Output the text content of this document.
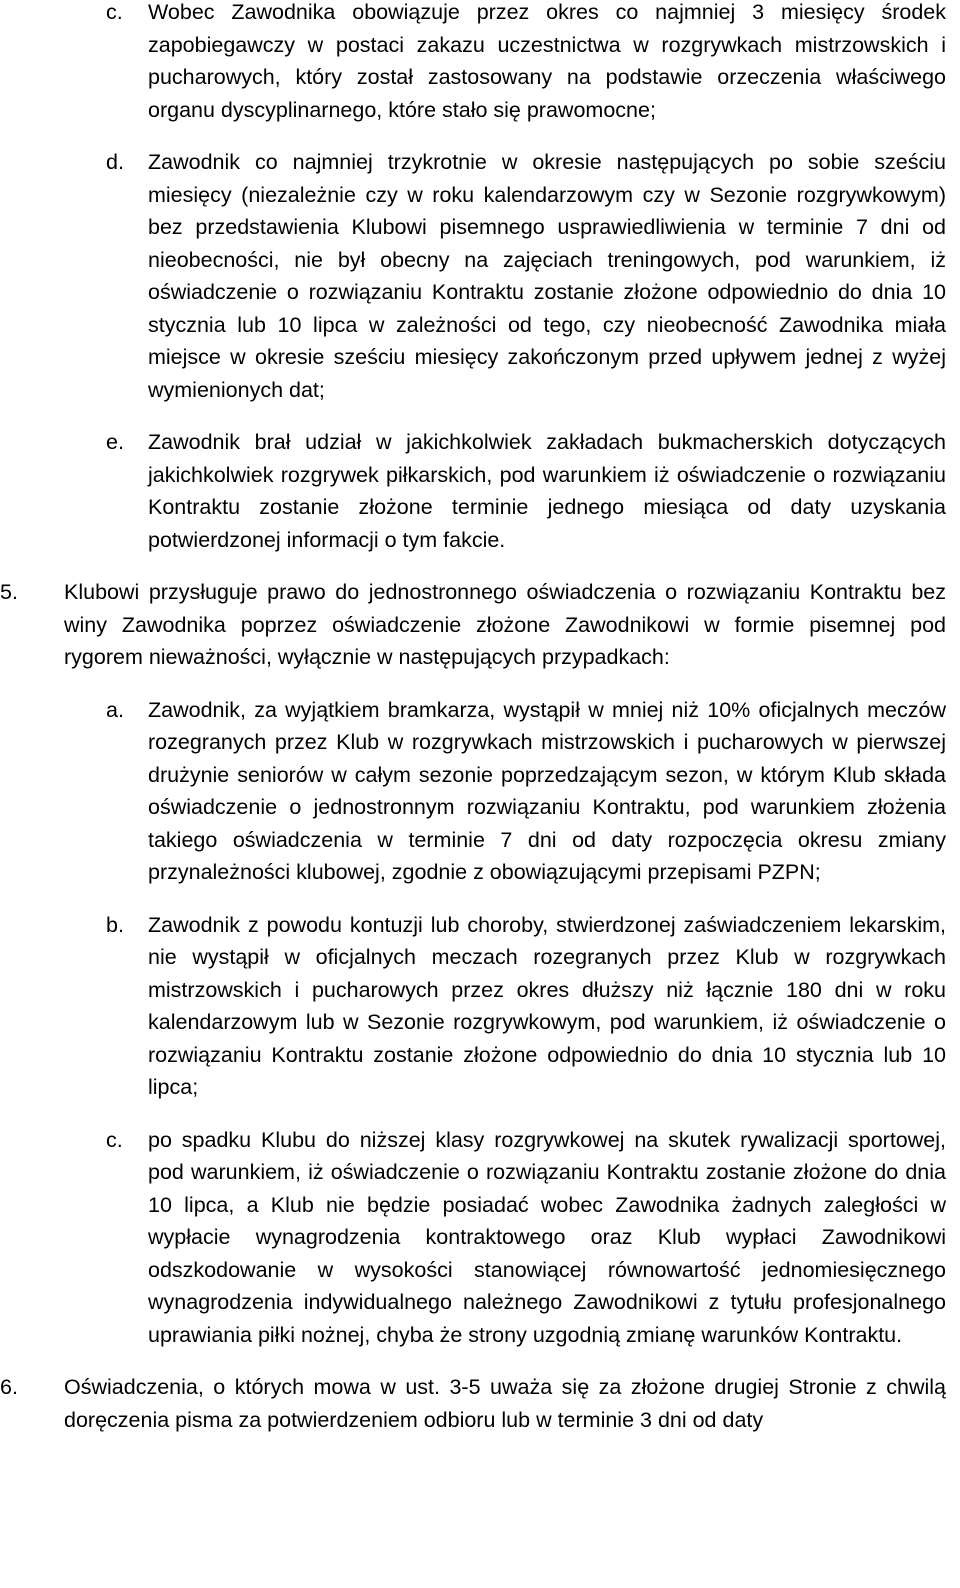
c.	Wobec Zawodnika obowiązuje przez okres co najmniej 3 miesięcy środek zapobiegawczy w postaci zakazu uczestnictwa w rozgrywkach mistrzowskich i pucharowych, który został zastosowany na podstawie orzeczenia właściwego organu dyscyplinarnego, które stało się prawomocne;
d.	Zawodnik co najmniej trzykrotnie w okresie następujących po sobie sześciu miesięcy (niezależnie czy w roku kalendarzowym czy w Sezonie rozgrywkowym) bez przedstawienia Klubowi pisemnego usprawiedliwienia w terminie 7 dni od nieobecności, nie był obecny na zajęciach treningowych, pod warunkiem, iż oświadczenie o rozwiązaniu Kontraktu zostanie złożone odpowiednio do dnia 10 stycznia lub 10 lipca w zależności od tego, czy nieobecność Zawodnika miała miejsce w okresie sześciu miesięcy zakończonym przed upływem jednej z wyżej wymienionych dat;
e.	Zawodnik brał udział w jakichkolwiek zakładach bukmacherskich dotyczących jakichkolwiek rozgrywek piłkarskich, pod warunkiem iż oświadczenie o rozwiązaniu Kontraktu zostanie złożone terminie jednego miesiąca od daty uzyskania potwierdzonej informacji o tym fakcie.
5.	Klubowi przysługuje prawo do jednostronnego oświadczenia o rozwiązaniu Kontraktu bez winy Zawodnika poprzez oświadczenie złożone Zawodnikowi w formie pisemnej pod rygorem nieważności, wyłącznie w następujących przypadkach:
a.	Zawodnik, za wyjątkiem bramkarza, wystąpił w mniej niż 10% oficjalnych meczów rozegranych przez Klub w rozgrywkach mistrzowskich i pucharowych w pierwszej drużynie seniorów w całym sezonie poprzedzającym sezon, w którym Klub składa oświadczenie o jednostronnym rozwiązaniu Kontraktu, pod warunkiem złożenia takiego oświadczenia w terminie 7 dni od daty rozpoczęcia okresu zmiany przynależności klubowej, zgodnie z obowiązującymi przepisami PZPN;
b.	Zawodnik z powodu kontuzji lub choroby, stwierdzonej zaświadczeniem lekarskim, nie wystąpił w oficjalnych meczach rozegranych przez Klub w rozgrywkach mistrzowskich i pucharowych przez okres dłuższy niż łącznie 180 dni w roku kalendarzowym lub w Sezonie rozgrywkowym, pod warunkiem, iż oświadczenie o rozwiązaniu Kontraktu zostanie złożone odpowiednio do dnia 10 stycznia lub 10 lipca;
c.	po spadku Klubu do niższej klasy rozgrywkowej na skutek rywalizacji sportowej, pod warunkiem, iż oświadczenie o rozwiązaniu Kontraktu zostanie złożone do dnia 10 lipca, a Klub nie będzie posiadać wobec Zawodnika żadnych zaległości w wypłacie wynagrodzenia kontraktowego oraz Klub wypłaci Zawodnikowi odszkodowanie w wysokości stanowiącej równowartość jednomiesięcznego wynagrodzenia indywidualnego należnego Zawodnikowi z tytułu profesjonalnego uprawiania piłki nożnej, chyba że strony uzgodnią zmianę warunków Kontraktu.
6.	Oświadczenia, o których mowa w ust. 3-5 uważa się za złożone drugiej Stronie z chwilą doręczenia pisma za potwierdzeniem odbioru lub w terminie 3 dni od daty
